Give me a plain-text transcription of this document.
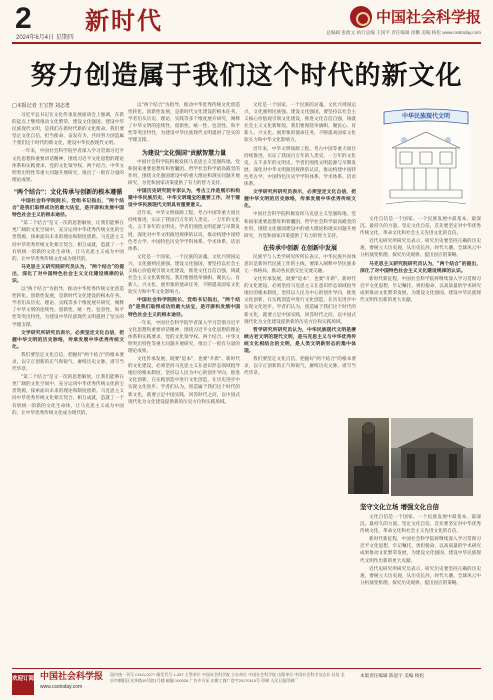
2
2024年6月4日 星期四
新时代	中国社会科学报
总编辑 张政文 执行总编 王国平 责任编辑 徐鹏 美编 杨松 www.csstoday.com
努力创造属于我们这个时代的新文化
□本报记者 王宝智 刘志勇

习近平总书记在文化传承发展座谈会上强调，在新的起点上继续推动文化繁荣、建设文化强国、建设中华民族现代文明，是我们在新时代新的文化使命。我们要坚定文化自信，担当使命，奋发有为，共同努力创造属于我们这个时代的新文化，建设中华民族现代文明。

一年来，中国社会科学院学者深入学习贯彻习近平文化思想和重要讲话精神，围绕习近平文化思想的理论体系和实践要求、党的文化领导权、两个结合、中华文明突出特性等重大问题开展研究，推出了一批有分量的理论成果。

"两个结合"：文化传承与创新的根本遵循

中国社会科学院院长、党组书记指出，"两个结合"是我们取得成功的最大法宝，是开辟和发展中国特色社会主义的根本途径。

"第二个结合"是又一次的思想解放，让我们能够在更广阔的文化空间中，充分运用中华优秀传统文化的宝贵资源，探索面向未来的理论和制度创新。马克思主义同中华优秀传统文化相互契合、相互成就，造就了一个有机统一的新的文化生命体，让马克思主义成为中国的，让中华优秀传统文化成为现代的。

马克思主义研究院研究员认为，"两个结合"的提出，深化了对中国特色社会主义文化建设规律的认识。

以"两个结合"为指导，推动中华优秀传统文化创造性转化、创新性发展，是新时代文化建设的根本任务。学者们从历史、理论、实践等多个维度展开研究，阐释了中华文明的连续性、创新性、统一性、包容性、和平性等突出特性，为建设中华民族现代文明提供了坚实的学理支撑。

文学研究所研究员表示，必须坚定文化自信，把握中华文明的历史脉络，传承发展中华优秀传统文化。

我们要坚定文化自信，把握好"两个结合"的根本要求，以守正创新的正气和锐气，赓续历史文脉，谱写当代华章。

"第二个结合"是又一次的思想解放，让我们能够在更广阔的文化空间中，充分运用中华优秀传统文化的宝贵资源，探索面向未来的理论和制度创新。马克思主义同中华优秀传统文化相互契合、相互成就，造就了一个有机统一的新的文化生命体，让马克思主义成为中国的，让中华优秀传统文化成为现代的。

以"两个结合"为指导，推动中华优秀传统文化创造性转化、创新性发展，是新时代文化建设的根本任务。学者们从历史、理论、实践等多个维度展开研究，阐释了中华文明的连续性、创新性、统一性、包容性、和平性等突出特性，为建设中华民族现代文明提供了坚实的学理支撑。

为建设"文化强国"贡献智慧力量

中国社会科学院积极发挥马克思主义坚强阵地、党和国家重要思想库和智囊团、哲学社会科学最高殿堂的作用，围绕文化强国建设中的重大理论和现实问题开展研究，为党和国家决策提供了有力的智力支持。

中国历史研究院专家认为，考古工作是展示和构建中华民族历史、中华文明瑰宝的重要工作，对于建设中华民族现代文明具有重要意义。

近年来，中华文明探源工程、考古中国等重大项目持续推进，实证了我国百万年的人类史、一万年的文化史、五千多年的文明史。学者们围绕文明起源与早期发展，深化对中华文明演进规律的认识，推动构建中国特色考古学、中国特色历史学学科体系、学术体系、话语体系。

文化是一个国家、一个民族的灵魂。文化兴则国运兴，文化强则民族强。建设文化强国，要坚持以社会主义核心价值观引领文化建设，推进文化自信自强，铸就社会主义文化新辉煌。我们要围绕举旗帜、聚民心、育新人、兴文化、展形象的使命任务，不断提高国家文化软实力和中华文化影响力。

中国社会科学院院长、党组书记指出，"两个结合"是我们取得成功的最大法宝，是开辟和发展中国特色社会主义的根本途径。

一年来，中国社会科学院学者深入学习贯彻习近平文化思想和重要讲话精神，围绕习近平文化思想的理论体系和实践要求、党的文化领导权、两个结合、中华文明突出特性等重大问题开展研究，推出了一批有分量的理论成果。

文化传承发展，既要"返本"，也要"开新"。新时代的文化建设，必须坚持马克思主义在意识形态领域指导地位的根本制度，坚持以人民为中心的创作导向，推进文化创新，在实践创造中进行文化创造，在历史进步中实现文化进步。学者们认为，创造属于我们这个时代的新文化，就要立足中国实践，回答时代之问，以中国式现代化为文化建设提供新的历史方位和实践场域。

文化是一个国家、一个民族的灵魂。文化兴则国运兴，文化强则民族强。建设文化强国，要坚持以社会主义核心价值观引领文化建设，推进文化自信自强，铸就社会主义文化新辉煌。我们要围绕举旗帜、聚民心、育新人、兴文化、展形象的使命任务，不断提高国家文化软实力和中华文化影响力。

近年来，中华文明探源工程、考古中国等重大项目持续推进，实证了我国百万年的人类史、一万年的文化史、五千多年的文明史。学者们围绕文明起源与早期发展，深化对中华文明演进规律的认识，推动构建中国特色考古学、中国特色历史学学科体系、学术体系、话语体系。

文学研究所研究员表示，必须坚定文化自信，把握中华文明的历史脉络，传承发展中华优秀传统文化。

中国社会科学院积极发挥马克思主义坚强阵地、党和国家重要思想库和智囊团、哲学社会科学最高殿堂的作用，围绕文化强国建设中的重大理论和现实问题开展研究，为党和国家决策提供了有力的智力支持。

在传承中创新 在创新中发展

民族学与人类学研究所所长表示，中华民族共同体意识是新时代民族工作的主线，要深入阐释中华民族多元一体格局，推动各民族交往交流交融。

文化传承发展，既要"返本"，也要"开新"。新时代的文化建设，必须坚持马克思主义在意识形态领域指导地位的根本制度，坚持以人民为中心的创作导向，推进文化创新，在实践创造中进行文化创造，在历史进步中实现文化进步。学者们认为，创造属于我们这个时代的新文化，就要立足中国实践，回答时代之问，以中国式现代化为文化建设提供新的历史方位和实践场域。

哲学研究所研究员认为，中华民族现代文明是赓续古老文明的现代文明，是马克思主义与中华优秀传统文化相结合的文明，是人类文明新形态的集中体现。

我们要坚定文化自信，把握好"两个结合"的根本要求，以守正创新的正气和锐气，赓续历史文脉，谱写当代华章。

文化自信是一个国家、一个民族发展中最基本、最深沉、最持久的力量。坚定文化自信，首先要坚定对中华优秀传统文化、革命文化和社会主义先进文化的自信。

近代史研究所研究员表示，研究历史要坚持正确的历史观，要树立大历史观，从历史长河、时代大潮、全球风云中分析演变机理、探究历史规律，提出因应的策略。

马克思主义研究院研究员认为，"两个结合"的提出，深化了对中国特色社会主义文化建设规律的认识。

新时代新征程，中国社会科学院将继续深入学习贯彻习近平文化思想，牢记嘱托、勇担使命，以高质量的学术研究成果推动文化繁荣发展，为建设文化强国、建设中华民族现代文明作出新的更大贡献。

坚守文化立场 增强文化自信

文化自信是一个国家、一个民族发展中最基本、最深沉、最持久的力量。坚定文化自信，首先要坚定对中华优秀传统文化、革命文化和社会主义先进文化的自信。

新时代新征程，中国社会科学院将继续深入学习贯彻习近平文化思想，牢记嘱托、勇担使命，以高质量的学术研究成果推动文化繁荣发展，为建设文化强国、建设中华民族现代文明作出新的更大贡献。

近代史研究所研究员表示，研究历史要坚持正确的历史观，要树立大历史观，从历史长河、时代大潮、全球风云中分析演变机理、探究历史规律，提出因应的策略。

中华民族现代文明
欢迎订阅 中国社会科学报
www.csstoday.com
国内统一刊号 CN11-0277 邮发代号 1-287 主管单位 中国社会科学院 主办单位 中国社会科学院 出版单位 中国社会科学杂志社 社址 北京市朝阳区光华路15号院1号楼 邮编 100026 广告许可证 京朝工商广登字20170115号 印刷 人民日报印刷厂
本版责任编辑 陈思宇 美编 杨松
